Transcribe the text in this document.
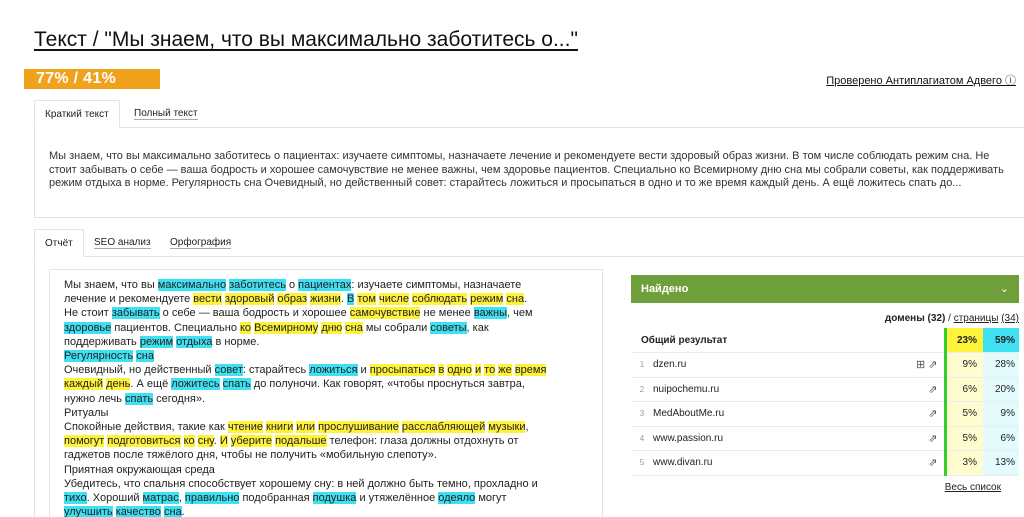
Текст / "Мы знаем, что вы максимально заботитесь о..."
77% / 41%	Проверено Антиплагиатом Адвего ⓘ
Краткий текст	Полный текст
Мы знаем, что вы максимально заботитесь о пациентах: изучаете симптомы, назначаете лечение и рекомендуете вести здоровый образ жизни. В том числе соблюдать режим сна. Не стоит забывать о себе — ваша бодрость и хорошее самочувствие не менее важны, чем здоровье пациентов. Специально ко Всемирному дню сна мы собрали советы, как поддерживать режим отдыха в норме. Регулярность сна Очевидный, но действенный совет: старайтесь ложиться и просыпаться в одно и то же время каждый день. А ещё ложитесь спать до...
Отчёт	SEO анализ	Орфография
Мы знаем, что вы максимально заботитесь о пациентах: изучаете симптомы, назначаете
лечение и рекомендуете вести здоровый образ жизни. В том числе соблюдать режим сна.
Не стоит забывать о себе — ваша бодрость и хорошее самочувствие не менее важны, чем
здоровье пациентов. Специально ко Всемирному дню сна мы собрали советы, как
поддерживать режим отдыха в норме.
Регулярность сна
Очевидный, но действенный совет: старайтесь ложиться и просыпаться в одно и то же время
каждый день. А ещё ложитесь спать до полуночи. Как говорят, «чтобы проснуться завтра,
нужно лечь спать сегодня».
Ритуалы
Спокойные действия, такие как чтение книги или прослушивание расслабляющей музыки,
помогут подготовиться ко сну. И уберите подальше телефон: глаза должны отдохнуть от
гаджетов после тяжёлого дня, чтобы не получить «мобильную слепоту».
Приятная окружающая среда
Убедитесь, что спальня способствует хорошему сну: в ней должно быть темно, прохладно и
тихо. Хороший матрас, правильно подобранная подушка и утяжелённое одеяло могут
улучшить качество сна.
Найдено	⌄
домены (32) / страницы (34)
Общий результат			23%	59%
1	dzen.ru	⊞ ⇗	9%	28%
2	nuipochemu.ru	⇗	6%	20%
3	MedAboutMe.ru	⇗	5%	9%
4	www.passion.ru	⇗	5%	6%
5	www.divan.ru	⇗	3%	13%
Весь список
